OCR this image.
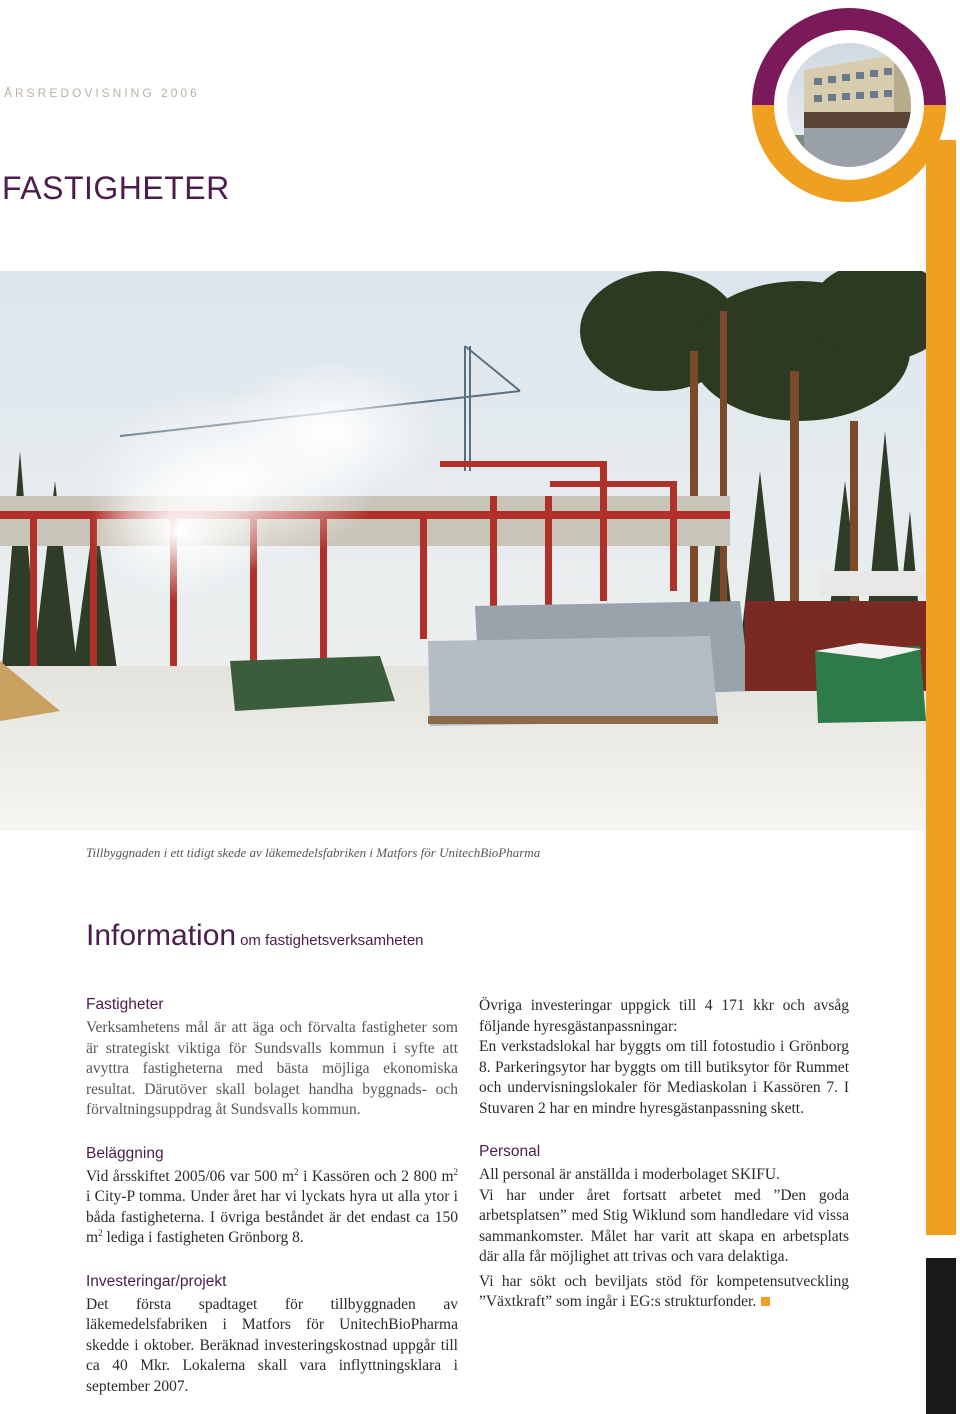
ÅRSREDOVISNING 2006
FASTIGHETER
Tillbyggnaden i ett tidigt skede av läkemedelsfabriken i Matfors för UnitechBioPharma
Information om fastighetsverksamheten
Fastigheter

Verksamhetens mål är att äga och förvalta fastigheter som är strategiskt viktiga för Sundsvalls kommun i syfte att avyttra fastigheterna med bästa möjliga ekonomiska resultat. Därutöver skall bolaget handha byggnads- och förvaltningsuppdrag åt Sundsvalls kommun.

Beläggning

Vid årsskiftet 2005/06 var 500 $m^2$ i Kassören och 2 800 $m^2$ i City-P tomma. Under året har vi lyckats hyra ut alla ytor i båda fastigheterna. I övriga beståndet är det endast ca 150 $m^2$ lediga i fastigheten Grönborg 8.

Investeringar/projekt

Det första spadtaget för tillbyggnaden av läkemedelsfabriken i Matfors för UnitechBioPharma skedde i oktober. Beräknad investeringskostnad uppgår till ca 40 Mkr. Lokalerna skall vara inflyttningsklara i september 2007.

Övriga investeringar uppgick till 4 171 kkr och avsåg följande hyresgästanpassningar:

En verkstadslokal har byggts om till fotostudio i Grönborg 8. Parkeringsytor har byggts om till butiksytor för Rummet och undervisningslokaler för Mediaskolan i Kassören 7. I Stuvaren 2 har en mindre hyresgästanpassning skett.

Personal

All personal är anställda i moderbolaget SKIFU.

Vi har under året fortsatt arbetet med ”Den goda arbetsplatsen” med Stig Wiklund som handledare vid vissa sammankomster. Målet har varit att skapa en arbetsplats där alla får möjlighet att trivas och vara delaktiga.

Vi har sökt och beviljats stöd för kompetensutveckling ”Växtkraft” som ingår i EG:s strukturfonder.
